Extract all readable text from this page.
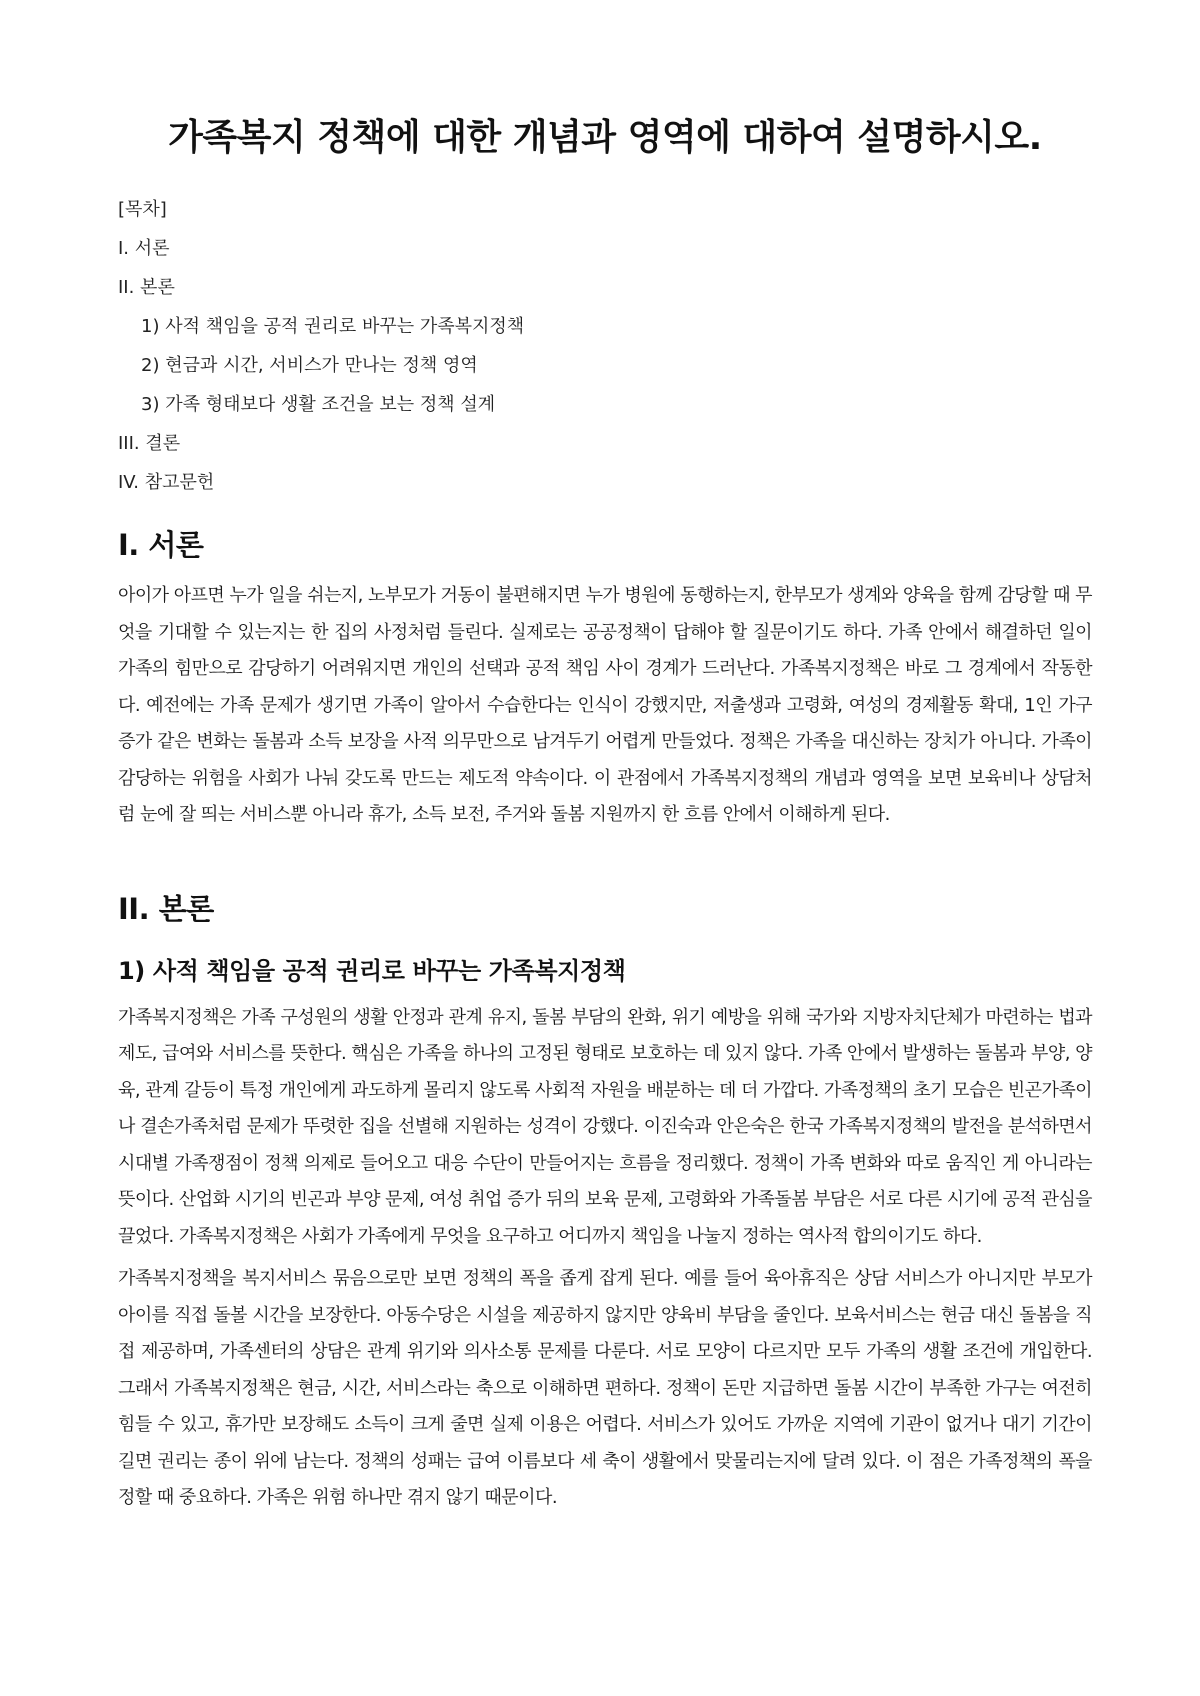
가족복지 정책에 대한 개념과 영역에 대하여 설명하시오.
[목차]
I. 서론
II. 본론
1) 사적 책임을 공적 권리로 바꾸는 가족복지정책
2) 현금과 시간, 서비스가 만나는 정책 영역
3) 가족 형태보다 생활 조건을 보는 정책 설계
III. 결론
IV. 참고문헌
I. 서론

아이가 아프면 누가 일을 쉬는지, 노부모가 거동이 불편해지면 누가 병원에 동행하는지, 한부모가 생계와 양육을 함께 감당할 때 무엇을 기대할 수 있는지는 한 집의 사정처럼 들린다. 실제로는 공공정책이 답해야 할 질문이기도 하다. 가족 안에서 해결하던 일이 가족의 힘만으로 감당하기 어려워지면 개인의 선택과 공적 책임 사이 경계가 드러난다. 가족복지정책은 바로 그 경계에서 작동한다. 예전에는 가족 문제가 생기면 가족이 알아서 수습한다는 인식이 강했지만, 저출생과 고령화, 여성의 경제활동 확대, 1인 가구 증가 같은 변화는 돌봄과 소득 보장을 사적 의무만으로 남겨두기 어렵게 만들었다. 정책은 가족을 대신하는 장치가 아니다. 가족이 감당하는 위험을 사회가 나눠 갖도록 만드는 제도적 약속이다. 이 관점에서 가족복지정책의 개념과 영역을 보면 보육비나 상담처럼 눈에 잘 띄는 서비스뿐 아니라 휴가, 소득 보전, 주거와 돌봄 지원까지 한 흐름 안에서 이해하게 된다.

II. 본론
1) 사적 책임을 공적 권리로 바꾸는 가족복지정책

가족복지정책은 가족 구성원의 생활 안정과 관계 유지, 돌봄 부담의 완화, 위기 예방을 위해 국가와 지방자치단체가 마련하는 법과 제도, 급여와 서비스를 뜻한다. 핵심은 가족을 하나의 고정된 형태로 보호하는 데 있지 않다. 가족 안에서 발생하는 돌봄과 부양, 양육, 관계 갈등이 특정 개인에게 과도하게 몰리지 않도록 사회적 자원을 배분하는 데 더 가깝다. 가족정책의 초기 모습은 빈곤가족이나 결손가족처럼 문제가 뚜렷한 집을 선별해 지원하는 성격이 강했다. 이진숙과 안은숙은 한국 가족복지정책의 발전을 분석하면서 시대별 가족쟁점이 정책 의제로 들어오고 대응 수단이 만들어지는 흐름을 정리했다. 정책이 가족 변화와 따로 움직인 게 아니라는 뜻이다. 산업화 시기의 빈곤과 부양 문제, 여성 취업 증가 뒤의 보육 문제, 고령화와 가족돌봄 부담은 서로 다른 시기에 공적 관심을 끌었다. 가족복지정책은 사회가 가족에게 무엇을 요구하고 어디까지 책임을 나눌지 정하는 역사적 합의이기도 하다.

가족복지정책을 복지서비스 묶음으로만 보면 정책의 폭을 좁게 잡게 된다. 예를 들어 육아휴직은 상담 서비스가 아니지만 부모가 아이를 직접 돌볼 시간을 보장한다. 아동수당은 시설을 제공하지 않지만 양육비 부담을 줄인다. 보육서비스는 현금 대신 돌봄을 직접 제공하며, 가족센터의 상담은 관계 위기와 의사소통 문제를 다룬다. 서로 모양이 다르지만 모두 가족의 생활 조건에 개입한다. 그래서 가족복지정책은 현금, 시간, 서비스라는 축으로 이해하면 편하다. 정책이 돈만 지급하면 돌봄 시간이 부족한 가구는 여전히 힘들 수 있고, 휴가만 보장해도 소득이 크게 줄면 실제 이용은 어렵다. 서비스가 있어도 가까운 지역에 기관이 없거나 대기 기간이 길면 권리는 종이 위에 남는다. 정책의 성패는 급여 이름보다 세 축이 생활에서 맞물리는지에 달려 있다. 이 점은 가족정책의 폭을 정할 때 중요하다. 가족은 위험 하나만 겪지 않기 때문이다.
